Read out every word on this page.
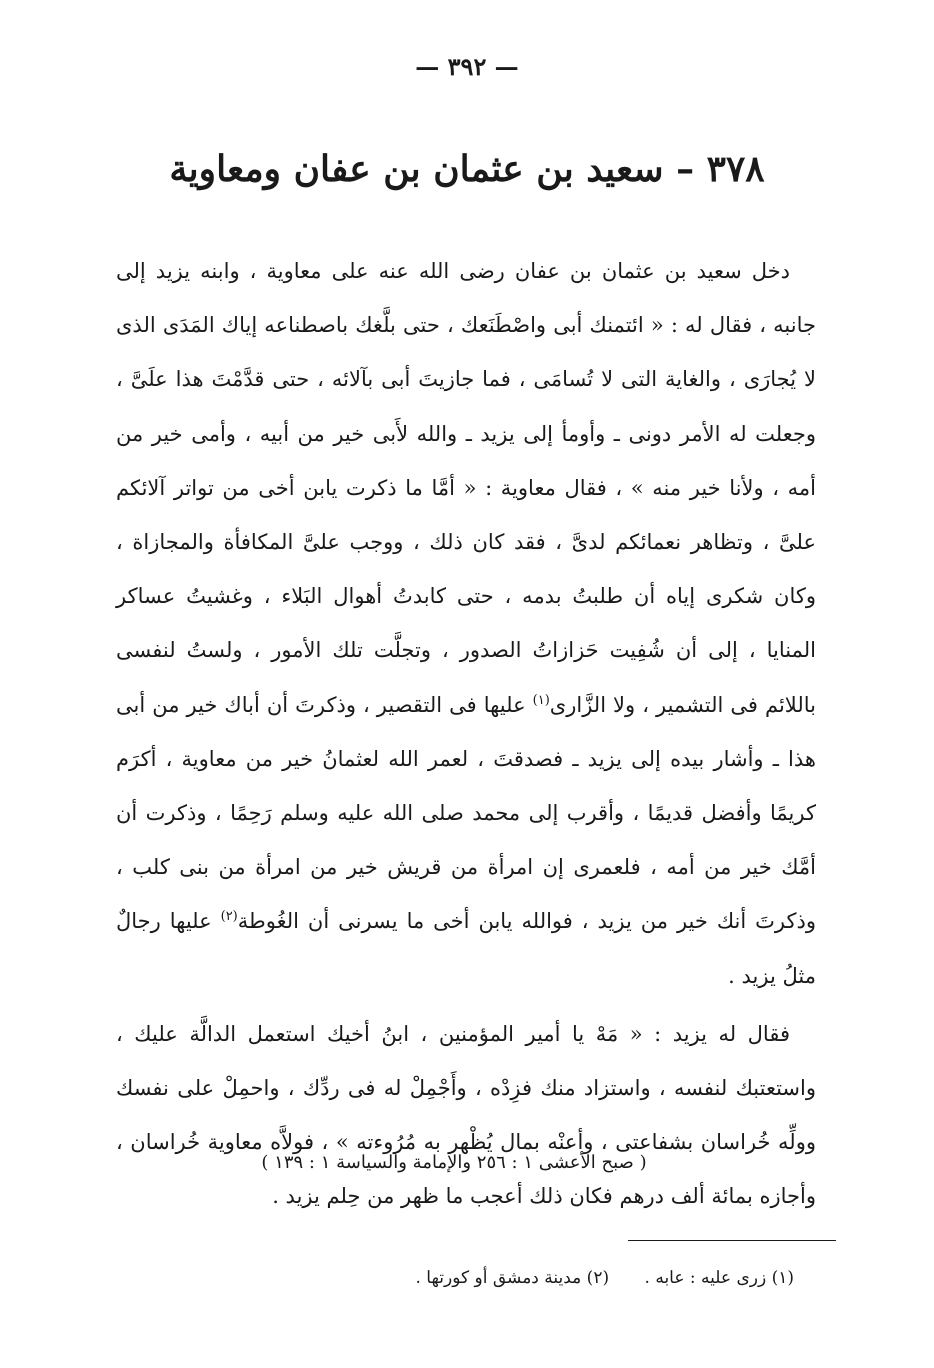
— ٣٩٢ —
٣٧٨ – سعيد بن عثمان بن عفان ومعاوية

دخل سعيد بن عثمان بن عفان رضى الله عنه على معاوية ، وابنه يزيد إلى جانبه ، فقال له : « ائتمنك أبى واصْطَنَعك ، حتى بلَّغك باصطناعه إياك المَدَى الذى لا يُجارَى ، والغاية التى لا تُسامَى ، فما جازيتَ أبى بآلائه ، حتى قدَّمْتَ هذا علَىَّ ، وجعلت له الأمر دونى ـ وأومأ إلى يزيد ـ والله لأَبى خير من أبيه ، وأمى خير من أمه ، ولأنا خير منه » ، فقال معاوية : « أمَّا ما ذكرت يابن أخى من تواتر آلائكم علىَّ ، وتظاهر نعمائكم لدىَّ ، فقد كان ذلك ، ووجب علىَّ المكافأة والمجازاة ، وكان شكرى إياه أن طلبتُ بدمه ، حتى كابدتُ أهوال البَلاء ، وغشيتُ عساكر المنايا ، إلى أن شُفِيت حَزازاتُ الصدور ، وتجلَّت تلك الأمور ، ولستُ لنفسى باللائم فى التشمير ، ولا الزَّارى$^{(١)}$ عليها فى التقصير ، وذكرتَ أن أباك خير من أبى هذا ـ وأشار بيده إلى يزيد ـ فصدقتَ ، لعمر الله لعثمانُ خير من معاوية ، أكرَم كريمًا وأفضل قديمًا ، وأقرب إلى محمد صلى الله عليه وسلم رَحِمًا ، وذكرت أن أمَّك خير من أمه ، فلعمرى إن امرأة من قريش خير من امرأة من بنى كلب ، وذكرتَ أنك خير من يزيد ، فوالله يابن أخى ما يسرنى أن الغُوطة$^{(٢)}$ عليها رجالٌ مثلُ يزيد .

فقال له يزيد : « مَهْ يا أمير المؤمنين ، ابنُ أخيك استعمل الدالَّة عليك ، واستعتبك لنفسه ، واستزاد منك فزِدْه ، وأَجْمِلْ له فى ردِّك ، واحمِلْ على نفسك وولِّه خُراسان بشفاعتى ، وأعنْه بمال يُظْهر به مُرُوءته » ، فولاَّه معاوية خُراسان ، وأجازه بمائة ألف درهم فكان ذلك أعجب ما ظهر من حِلم يزيد .

( صبح الأعشى ١ : ٢٥٦ والإمامة والسياسة ١ : ١٣٩ )
(١) زرى عليه : عابه . (٢) مدينة دمشق أو كورتها .
